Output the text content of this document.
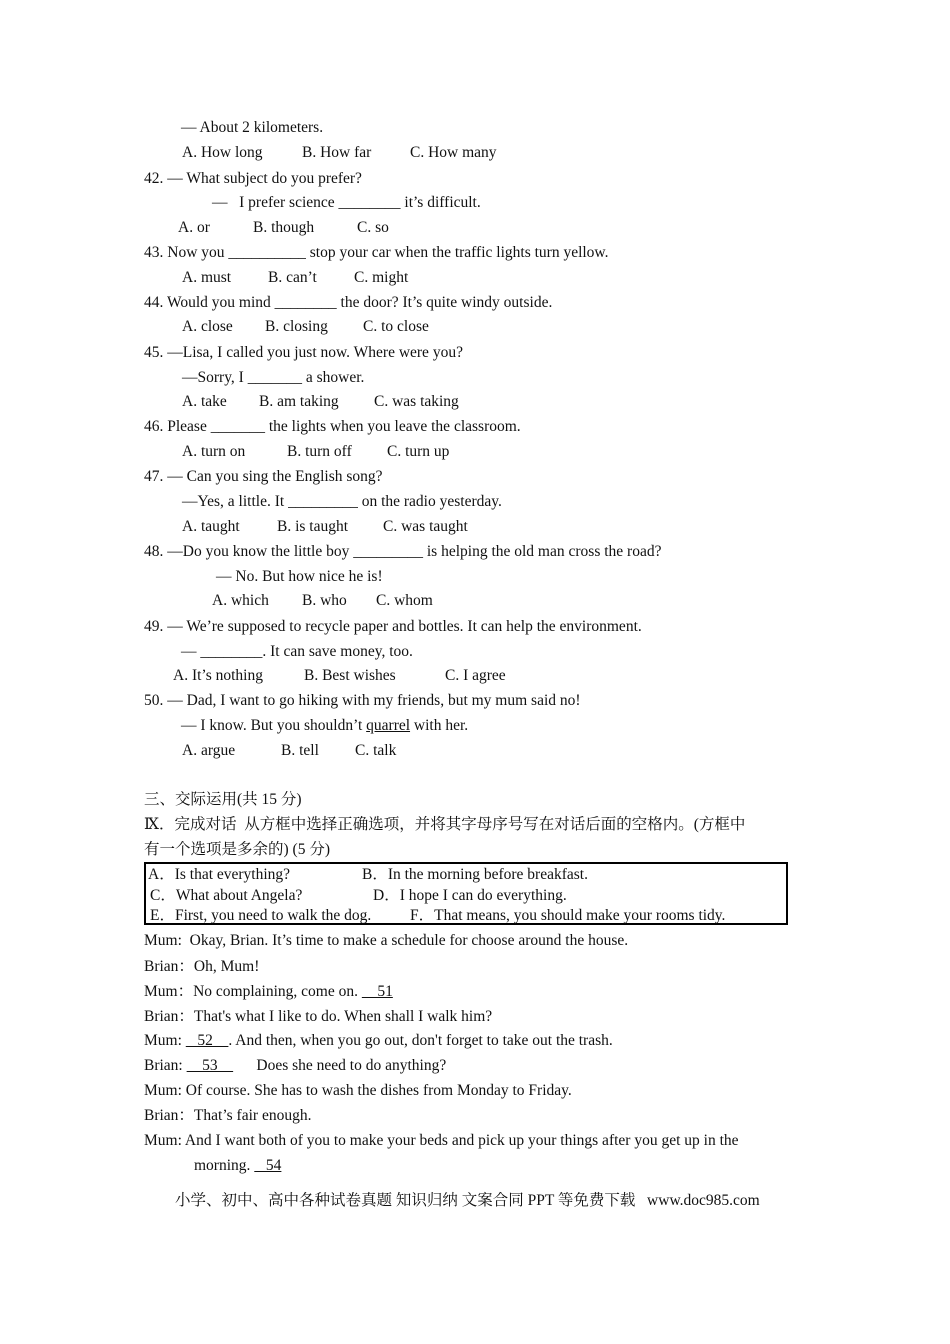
— About 2 kilometers.
A. How long	B. How far C. How many
42. — What subject do you prefer?
—   I prefer science ________ it’s difficult.
A. or	B. though	C. so
43. Now you __________ stop your car when the traffic lights turn yellow.
A. must B. can’t C. might
44. Would you mind ________ the door? It’s quite windy outside.
A. close B. closing C. to close
45. —Lisa, I called you just now. Where were you?
—Sorry, I _______ a shower.
A. take B. am taking C. was taking
46. Please _______ the lights when you leave the classroom.
A. turn on	B. turn off C. turn up
47. — Can you sing the English song?
—Yes, a little. It _________ on the radio yesterday.
A. taught B. is taught C. was taught
48. —Do you know the little boy _________ is helping the old man cross the road?
— No. But how nice he is!
A. which B. who C. whom
49. — We’re supposed to recycle paper and bottles. It can help the environment.
— ________. It can save money, too.
A. It’s nothing	B. Best wishes	C. I agree
50. — Dad, I want to go hiking with my friends, but my mum said no!
— I know. But you shouldn’t quarrel with her.
A. argue	B. tell C. talk
三、交际运用(共 15 分)
Ⅸ．完成对话  从方框中选择正确选项，并将其字母序号写在对话后面的空格内。(方框中
有一个选项是多余的) (5 分)
A．Is that everything?	B．In the morning before breakfast.
C．What about Angela?	D．I hope I can do everything.
E．First, you need to walk the dog. F．That means, you should make your rooms tidy.
Mum:  Okay, Brian. It’s time to make a schedule for choose around the house.
Brian：Oh, Mum!
Mum：No complaining, come on.     51
Brian：That's what I like to do. When shall I walk him?
Mum:    52    . And then, when you go out, don't forget to take out the trash.
Brian:     53          Does she need to do anything?
Mum: Of course. She has to wash the dishes from Monday to Friday.
Brian：That’s fair enough.
Mum: And I want both of you to make your beds and pick up your things after you get up in the
morning.    54
小学、初中、高中各种试卷真题 知识归纳 文案合同 PPT 等免费下载   www.doc985.com
